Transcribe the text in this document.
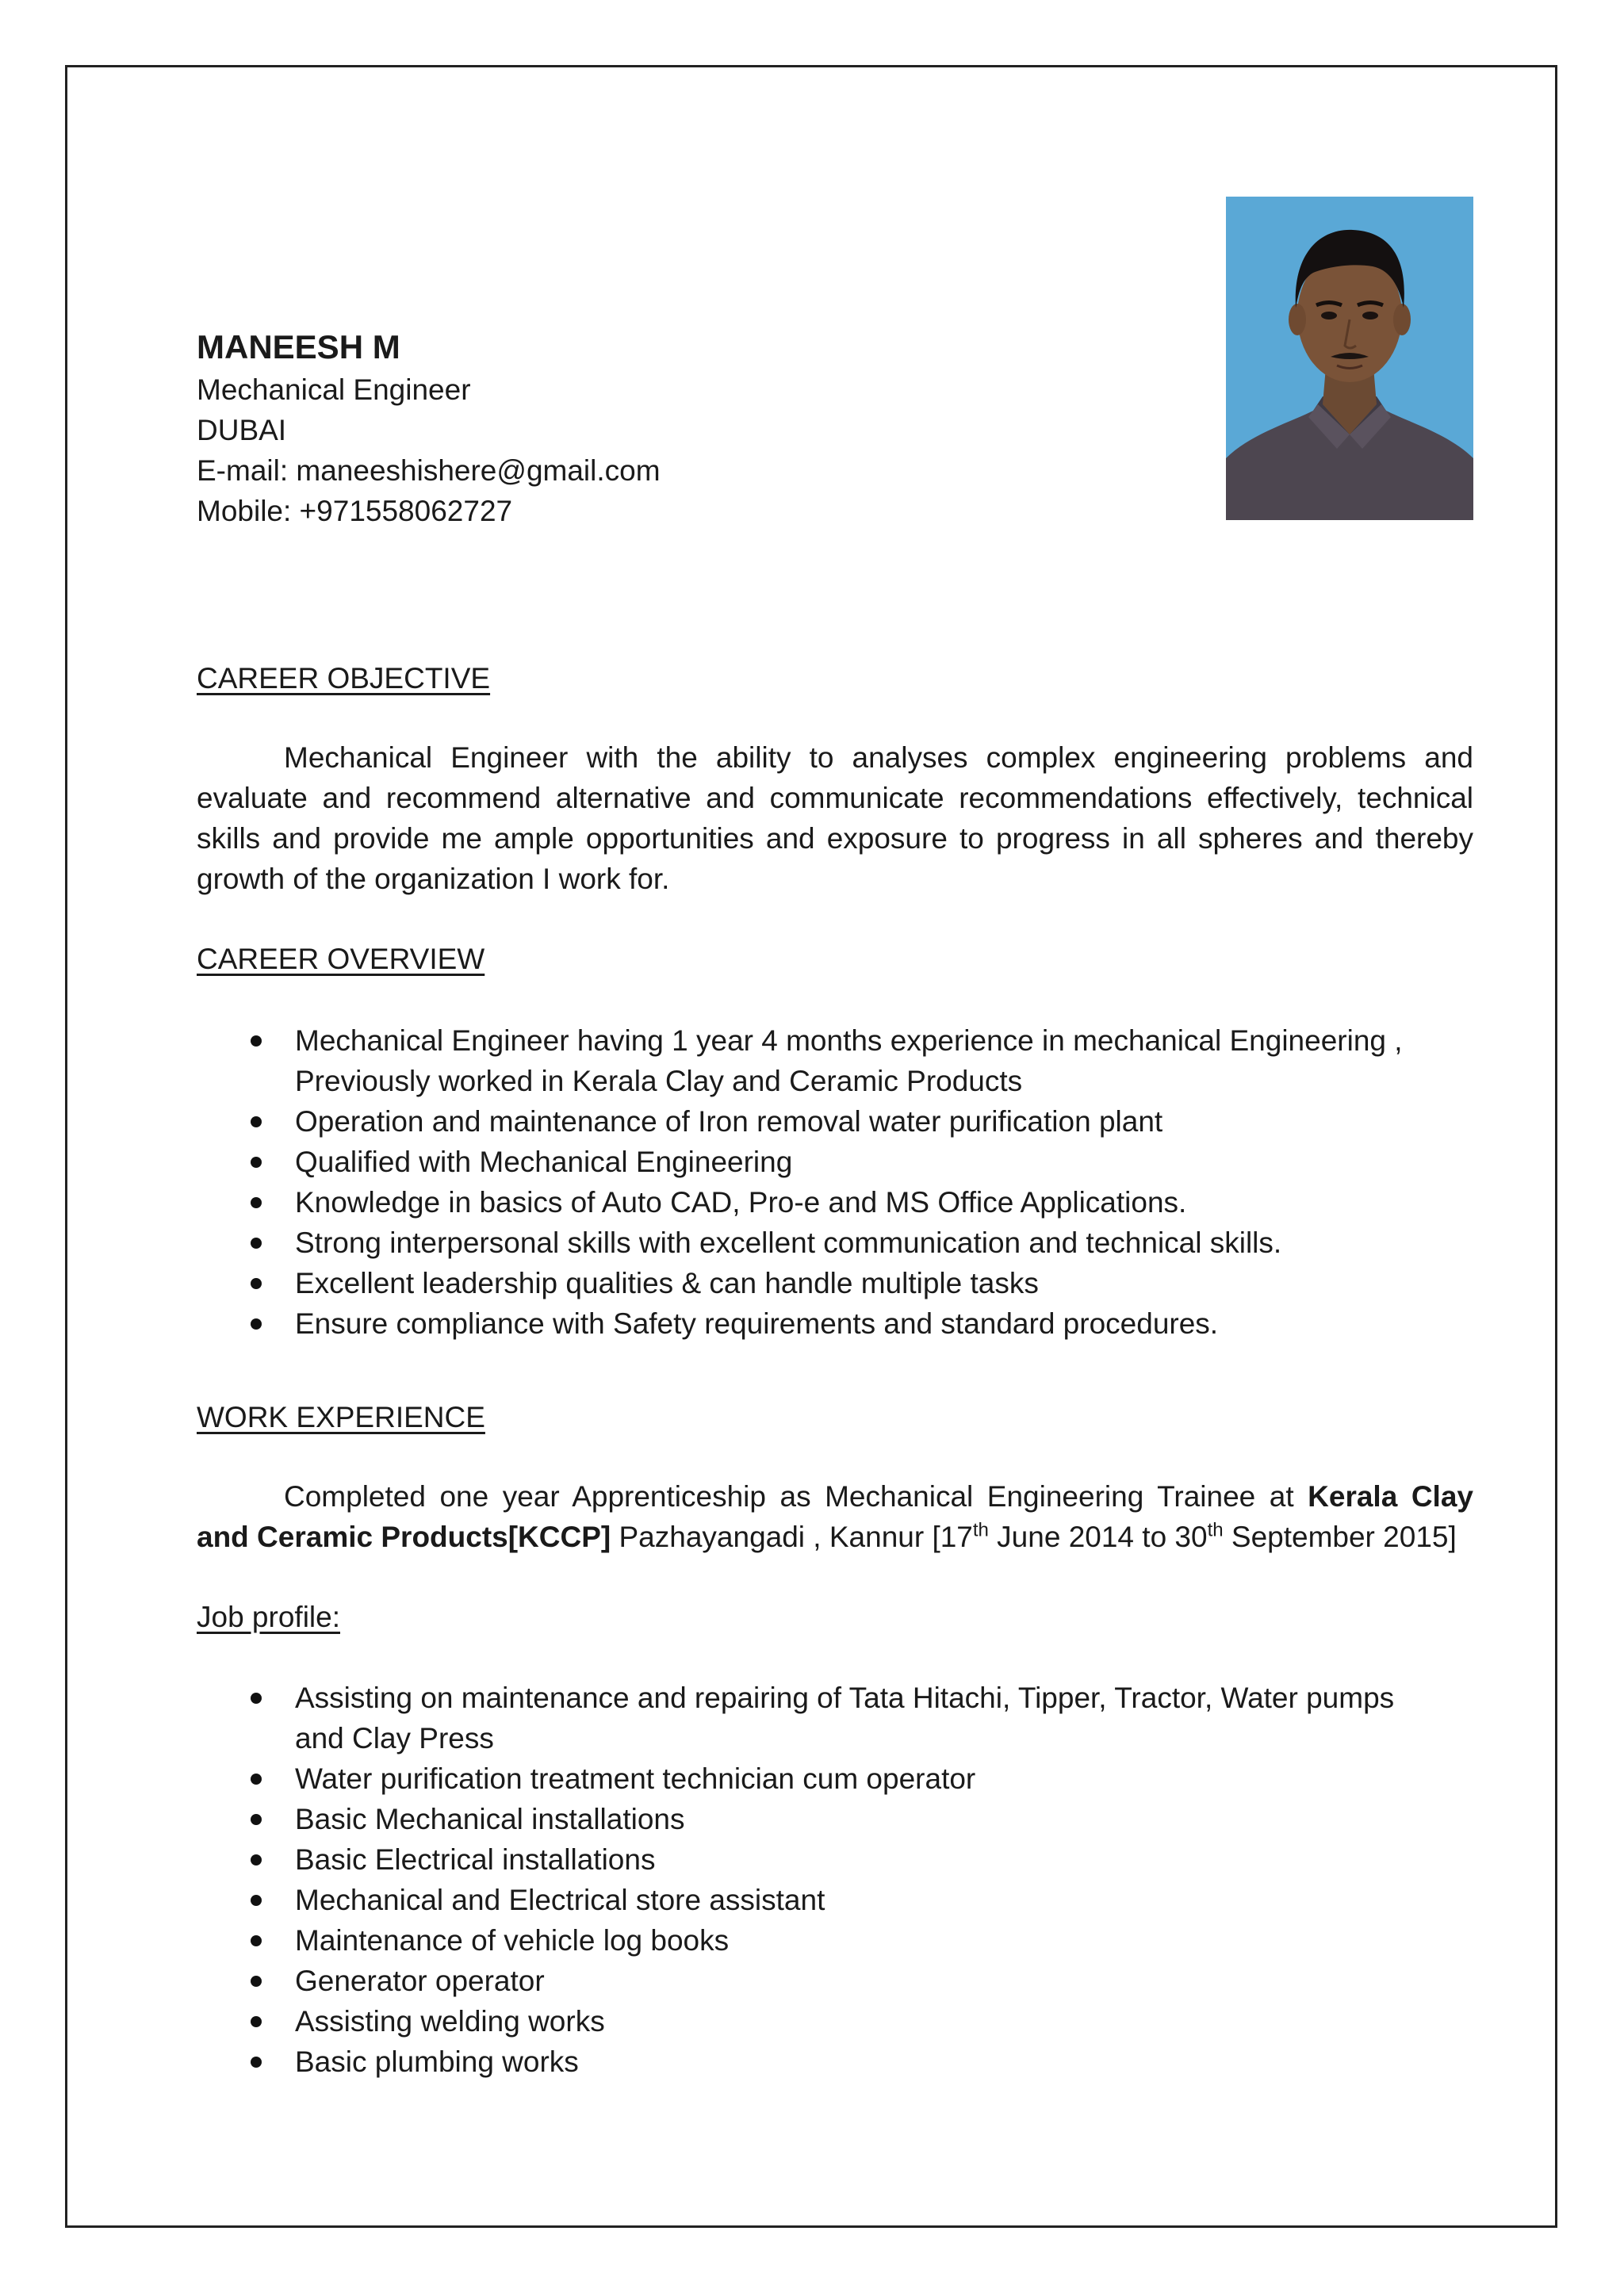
MANEESH M
Mechanical Engineer
DUBAI
E-mail: maneeshishere@gmail.com
Mobile: +971558062727
CAREER OBJECTIVE
Mechanical Engineer with the ability to analyses complex engineering problems and evaluate and recommend alternative and communicate recommendations effectively, technical skills and provide me ample opportunities and exposure to progress in all spheres and thereby growth of the organization I work for.
CAREER OVERVIEW
Mechanical Engineer having 1 year 4 months experience in mechanical Engineering , Previously worked in Kerala Clay and Ceramic Products
Operation and maintenance of Iron removal water purification plant
Qualified with Mechanical Engineering
Knowledge in basics of Auto CAD, Pro-e and MS Office Applications.
Strong interpersonal skills with excellent communication and technical skills.
Excellent leadership qualities & can handle multiple tasks
Ensure compliance with Safety requirements and standard procedures.
WORK EXPERIENCE
Completed one year Apprenticeship as Mechanical Engineering Trainee at Kerala Clay and Ceramic Products[KCCP] Pazhayangadi , Kannur [17th June 2014 to 30th September 2015]
Job profile:
Assisting on maintenance and repairing of Tata Hitachi, Tipper, Tractor, Water pumps and Clay Press
Water purification treatment technician cum operator
Basic Mechanical installations
Basic Electrical installations
Mechanical and Electrical store assistant
Maintenance of vehicle log books
Generator operator
Assisting welding works
Basic plumbing works
